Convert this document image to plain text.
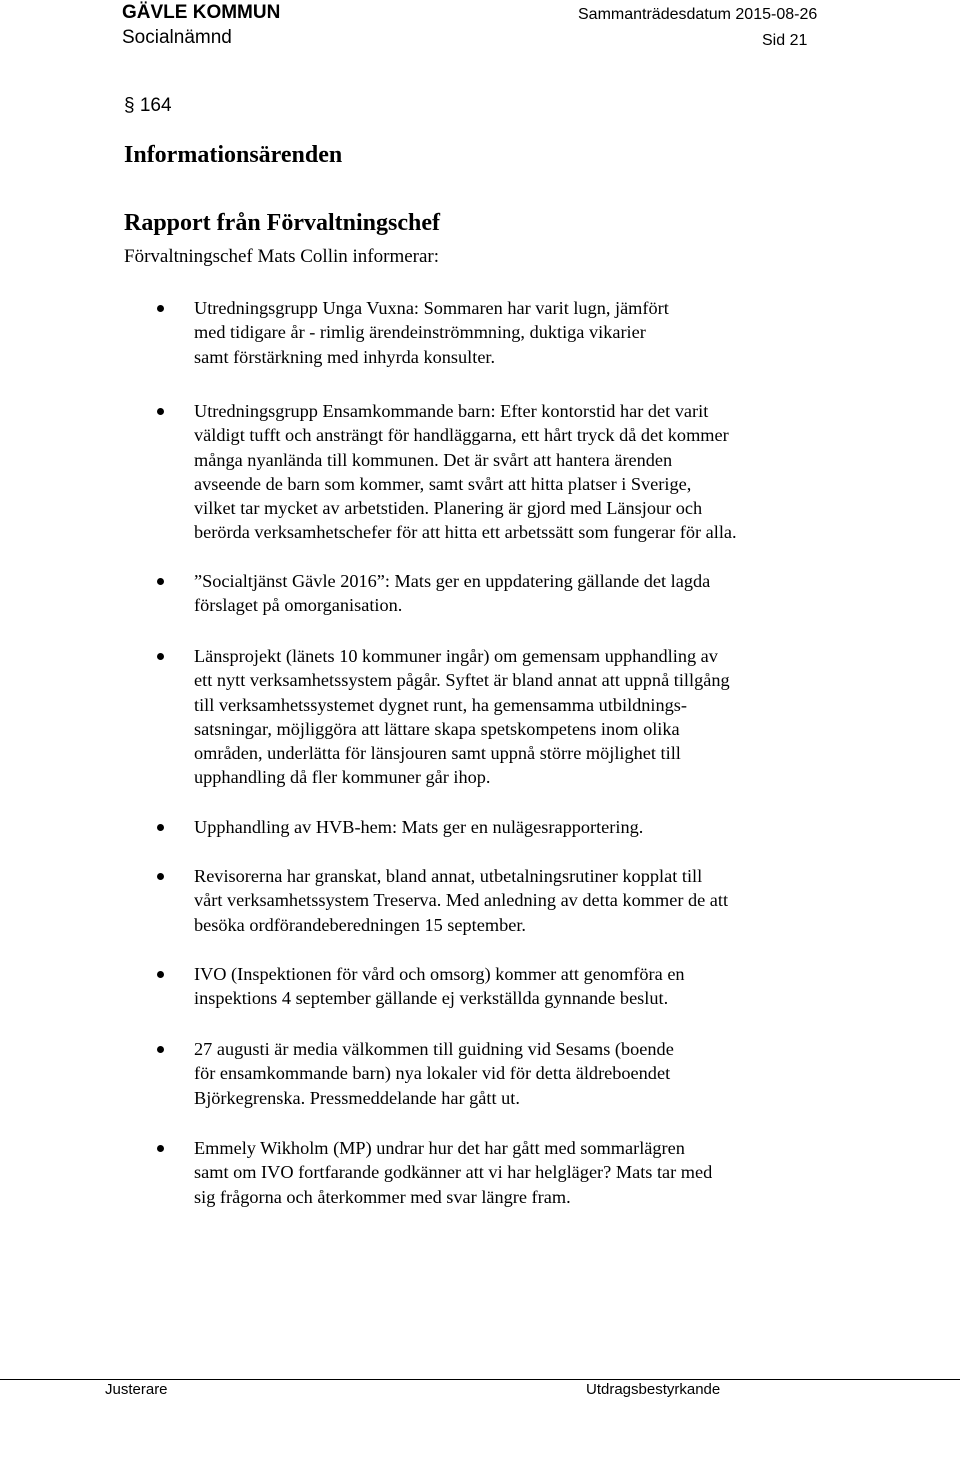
GÄVLE KOMMUN
Socialnämnd
Sammanträdesdatum 2015-08-26
Sid 21
§ 164
Informationsärenden
Rapport från Förvaltningschef
Förvaltningschef Mats Collin informerar:
Utredningsgrupp Unga Vuxna: Sommaren har varit lugn, jämfört
med tidigare år - rimlig ärendeinströmmning, duktiga vikarier
samt förstärkning med inhyrda konsulter.
Utredningsgrupp Ensamkommande barn: Efter kontorstid har det varit
väldigt tufft och ansträngt för handläggarna, ett hårt tryck då det kommer
många nyanlända till kommunen. Det är svårt att hantera ärenden
avseende de barn som kommer, samt svårt att hitta platser i Sverige,
vilket tar mycket av arbetstiden. Planering är gjord med Länsjour och
berörda verksamhetschefer för att hitta ett arbetssätt som fungerar för alla.
”Socialtjänst Gävle 2016”: Mats ger en uppdatering gällande det lagda
förslaget på omorganisation.
Länsprojekt (länets 10 kommuner ingår) om gemensam upphandling av
ett nytt verksamhetssystem pågår. Syftet är bland annat att uppnå tillgång
till verksamhetssystemet dygnet runt, ha gemensamma utbildnings-
satsningar, möjliggöra att lättare skapa spetskompetens inom olika
områden, underlätta för länsjouren samt uppnå större möjlighet till
upphandling då fler kommuner går ihop.
Upphandling av HVB-hem: Mats ger en nulägesrapportering.
Revisorerna har granskat, bland annat, utbetalningsrutiner kopplat till
vårt verksamhetssystem Treserva. Med anledning av detta kommer de att
besöka ordförandeberedningen 15 september.
IVO (Inspektionen för vård och omsorg) kommer att genomföra en
inspektions 4 september gällande ej verkställda gynnande beslut.
27 augusti är media välkommen till guidning vid Sesams (boende
för ensamkommande barn) nya lokaler vid för detta äldreboendet
Björkegrenska. Pressmeddelande har gått ut.
Emmely Wikholm (MP) undrar hur det har gått med sommarlägren
samt om IVO fortfarande godkänner att vi har helgläger? Mats tar med
sig frågorna och återkommer med svar längre fram.
Justerare	Utdragsbestyrkande
